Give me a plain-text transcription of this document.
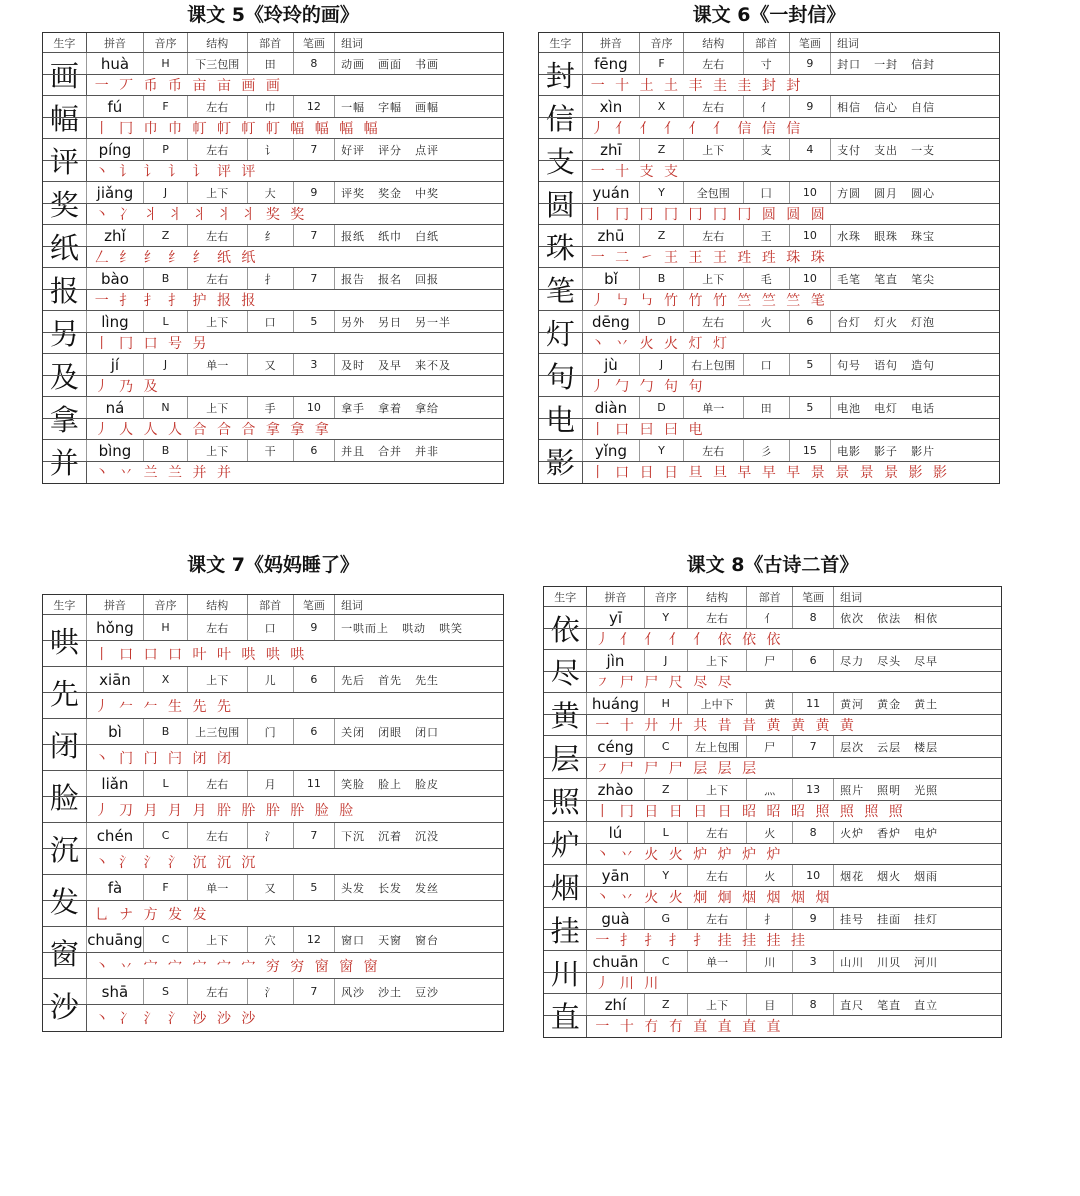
课文 5《玲玲的画》
生字	拼音	音序	结构	部首	笔画	组词
画	huà	H	下三包围	田	8	动画 画面 书画
一 丆 币 币 亩 亩 画 画
幅	fú	F	左右	巾	12	一幅 字幅 画幅
丨 冂 巾 巾 帄 帄 帄 帄 幅 幅 幅 幅
评	píng	P	左右	讠	7	好评 评分 点评
丶 讠 讠 讠 讠 评 评
奖	jiǎng	J	上下	大	9	评奖 奖金 中奖
丶 冫 丬 丬 丬 丬 丬 奖 奖
纸	zhǐ	Z	左右	纟	7	报纸 纸巾 白纸
𠃋 纟 纟 纟 纟 纸 纸
报	bào	B	左右	扌	7	报告 报名 回报
一 扌 扌 扌 护 报 报
另	lìng	L	上下	口	5	另外 另日 另一半
丨 冂 口 号 另
及	jí	J	单一	又	3	及时 及早 来不及
丿 乃 及
拿	ná	N	上下	手	10	拿手 拿着 拿给
丿 人 人 人 合 合 合 拿 拿 拿
并	bìng	B	上下	干	6	并且 合并 并非
丶 丷 兰 兰 并 并
课文 6《一封信》
生字	拼音	音序	结构	部首	笔画	组词
封	fēng	F	左右	寸	9	封口 一封 信封
一 十 土 土 丰 圭 圭 封 封
信	xìn	X	左右	亻	9	相信 信心 自信
丿 亻 亻 亻 亻 亻 信 信 信
支	zhī	Z	上下	支	4	支付 支出 一支
一 十 支 支
圆	yuán	Y	全包围	囗	10	方圆 圆月 圆心
丨 冂 冂 冂 冂 冂 冂 圆 圆 圆
珠	zhū	Z	左右	王	10	水珠 眼珠 珠宝
一 二 ㇀ 王 王 王 珄 珄 珠 珠
笔	bǐ	B	上下	毛	10	毛笔 笔直 笔尖
丿 ㇉ ㇉ 竹 竹 竹 竺 竺 竺 笔
灯	dēng	D	左右	火	6	台灯 灯火 灯泡
丶 丷 火 火 灯 灯
句	jù	J	右上包围	口	5	句号 语句 造句
丿 勹 勹 句 句
电	diàn	D	单一	田	5	电池 电灯 电话
丨 口 曰 曰 电
影	yǐng	Y	左右	彡	15	电影 影子 影片
丨 口 日 日 旦 旦 早 早 早 景 景 景 景 影 影
课文 7《妈妈睡了》
生字	拼音	音序	结构	部首	笔画	组词
哄	hǒng	H	左右	口	9	一哄而上 哄动 哄笑
丨 口 口 口 叶 叶 哄 哄 哄
先	xiān	X	上下	儿	6	先后 首先 先生
丿 𠂉 𠂉 生 先 先
闭	bì	B	上三包围	门	6	关闭 闭眼 闭口
丶 门 门 闩 闭 闭
脸	liǎn	L	左右	月	11	笑脸 脸上 脸皮
丿 刀 月 月 月 肸 肸 肸 肸 脸 脸
沉	chén	C	左右	氵	7	下沉 沉着 沉没
丶 氵 氵 氵 沉 沉 沉
发	fà	F	单一	又	5	头发 长发 发丝
乚 ナ 方 发 发
窗 chuāng	C	上下	穴	12	窗口 天窗 窗台
丶 丷 宀 宀 宀 宀 宀 穷 穷 窗 窗 窗
沙	shā	S	左右	氵	7	风沙 沙土 豆沙
丶 冫 氵 氵 沙 沙 沙
课文 8《古诗二首》
生字	拼音	音序	结构	部首	笔画	组词
依	yī	Y	左右	亻	8	依次 依法 相依
丿 亻 亻 亻 亻 依 依 依
尽	jìn	J	上下	尸	6	尽力 尽头 尽早
㇇ 尸 尸 尺 尽 尽
黄 huáng	H	上中下	黄	11	黄河 黄金 黄土
一 十 廾 廾 共 昔 昔 黄 黄 黄 黄
层	céng	C	左上包围	尸	7	层次 云层 楼层
㇇ 尸 尸 尸 层 层 层
照	zhào	Z	上下	灬	13	照片 照明 光照
丨 冂 日 日 日 日 昭 昭 昭 照 照 照 照
炉	lú	L	左右	火	8	火炉 香炉 电炉
丶 丷 火 火 炉 炉 炉 炉
烟	yān	Y	左右	火	10	烟花 烟火 烟雨
丶 丷 火 火 炯 炯 烟 烟 烟 烟
挂	guà	G	左右	扌	9	挂号 挂面 挂灯
一 扌 扌 扌 扌 挂 挂 挂 挂
川 chuān	C	单一	川	3	山川 川贝 河川
丿 川 川
直	zhí	Z	上下	目	8	直尺 笔直 直立
一 十 冇 冇 直 直 直 直
